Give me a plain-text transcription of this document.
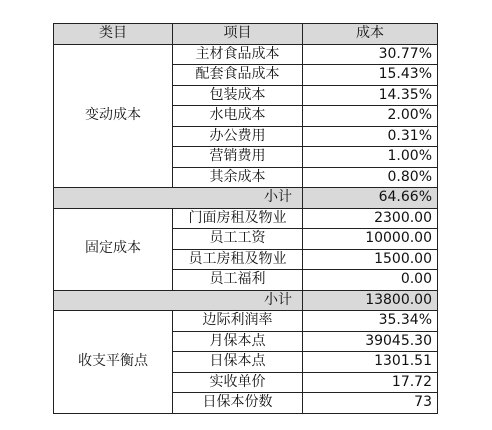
类目	项目	成本
变动成本	主材食品成本	30.77%
	配套食品成本	15.43%
	包装成本	14.35%
	水电成本	2.00%
	办公费用	0.31%
	营销费用	1.00%
	其余成本	0.80%
小计		64.66%
固定成本	门面房租及物业	2300.00
	员工工资	10000.00
	员工房租及物业	1500.00
	员工福利	0.00
小计		13800.00
收支平衡点	边际利润率	35.34%
	月保本点	39045.30
	日保本点	1301.51
	实收单价	17.72
	日保本份数	73
